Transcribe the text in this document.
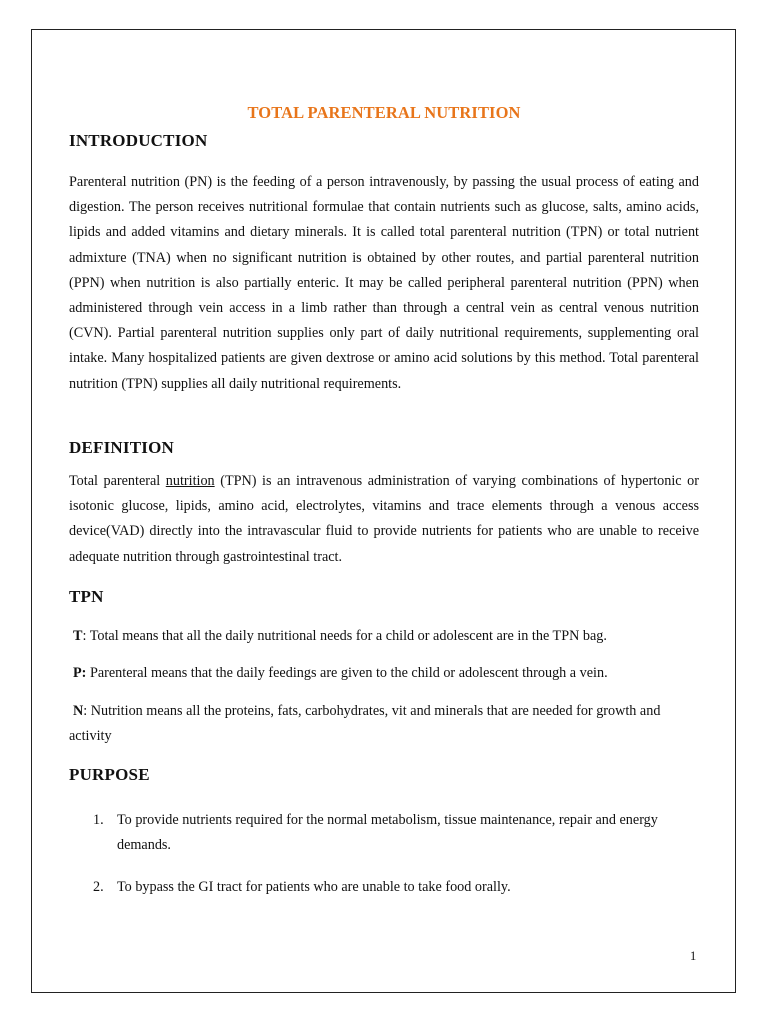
TOTAL PARENTERAL NUTRITION
INTRODUCTION

Parenteral nutrition (PN) is the feeding of a person intravenously, by passing the usual process of eating and digestion. The person receives nutritional formulae that contain nutrients such as glucose, salts, amino acids, lipids and added vitamins and dietary minerals. It is called total parenteral nutrition (TPN) or total nutrient admixture (TNA) when no significant nutrition is obtained by other routes, and partial parenteral nutrition (PPN) when nutrition is also partially enteric. It may be called peripheral parenteral nutrition (PPN) when administered through vein access in a limb rather than through a central vein as central venous nutrition (CVN). Partial parenteral nutrition supplies only part of daily nutritional requirements, supplementing oral intake. Many hospitalized patients are given dextrose or amino acid solutions by this method. Total parenteral nutrition (TPN) supplies all daily nutritional requirements.

DEFINITION

Total parenteral nutrition (TPN) is an intravenous administration of varying combinations of hypertonic or isotonic glucose, lipids, amino acid, electrolytes, vitamins and trace elements through a venous access device(VAD) directly into the intravascular fluid to provide nutrients for patients who are unable to receive adequate nutrition through gastrointestinal tract.

TPN

T: Total means that all the daily nutritional needs for a child or adolescent are in the TPN bag.

P: Parenteral means that the daily feedings are given to the child or adolescent through a vein.

N: Nutrition means all the proteins, fats, carbohydrates, vit and minerals that are needed for growth and activity

PURPOSE
1. To provide nutrients required for the normal metabolism, tissue maintenance, repair and energy demands.
2. To bypass the GI tract for patients who are unable to take food orally.

1
